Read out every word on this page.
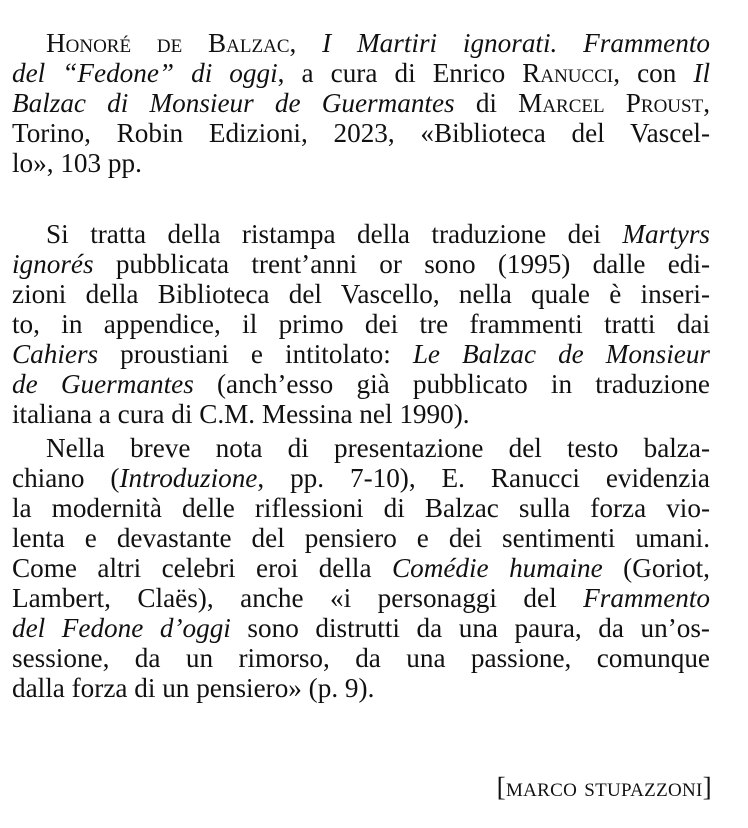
Honoré de Balzac, I Martiri ignorati. Frammento
del “Fedone” di oggi, a cura di Enrico Ranucci, con Il
Balzac di Monsieur de Guermantes di Marcel Proust,
Torino, Robin Edizioni, 2023, «Biblioteca del Vascel-
lo», 103 pp.
Si tratta della ristampa della traduzione dei Martyrs
ignorés pubblicata trent’anni or sono (1995) dalle edi-
zioni della Biblioteca del Vascello, nella quale è inseri-
to, in appendice, il primo dei tre frammenti tratti dai
Cahiers proustiani e intitolato: Le Balzac de Monsieur
de Guermantes (anch’esso già pubblicato in traduzione
italiana a cura di C.M. Messina nel 1990).
Nella breve nota di presentazione del testo balza-
chiano (Introduzione, pp. 7-10), E. Ranucci evidenzia
la modernità delle riflessioni di Balzac sulla forza vio-
lenta e devastante del pensiero e dei sentimenti umani.
Come altri celebri eroi della Comédie humaine (Goriot,
Lambert, Claës), anche «i personaggi del Frammento
del Fedone d’oggi sono distrutti da una paura, da un’os-
sessione, da un rimorso, da una passione, comunque
dalla forza di un pensiero» (p. 9).
[marco stupazzoni]
